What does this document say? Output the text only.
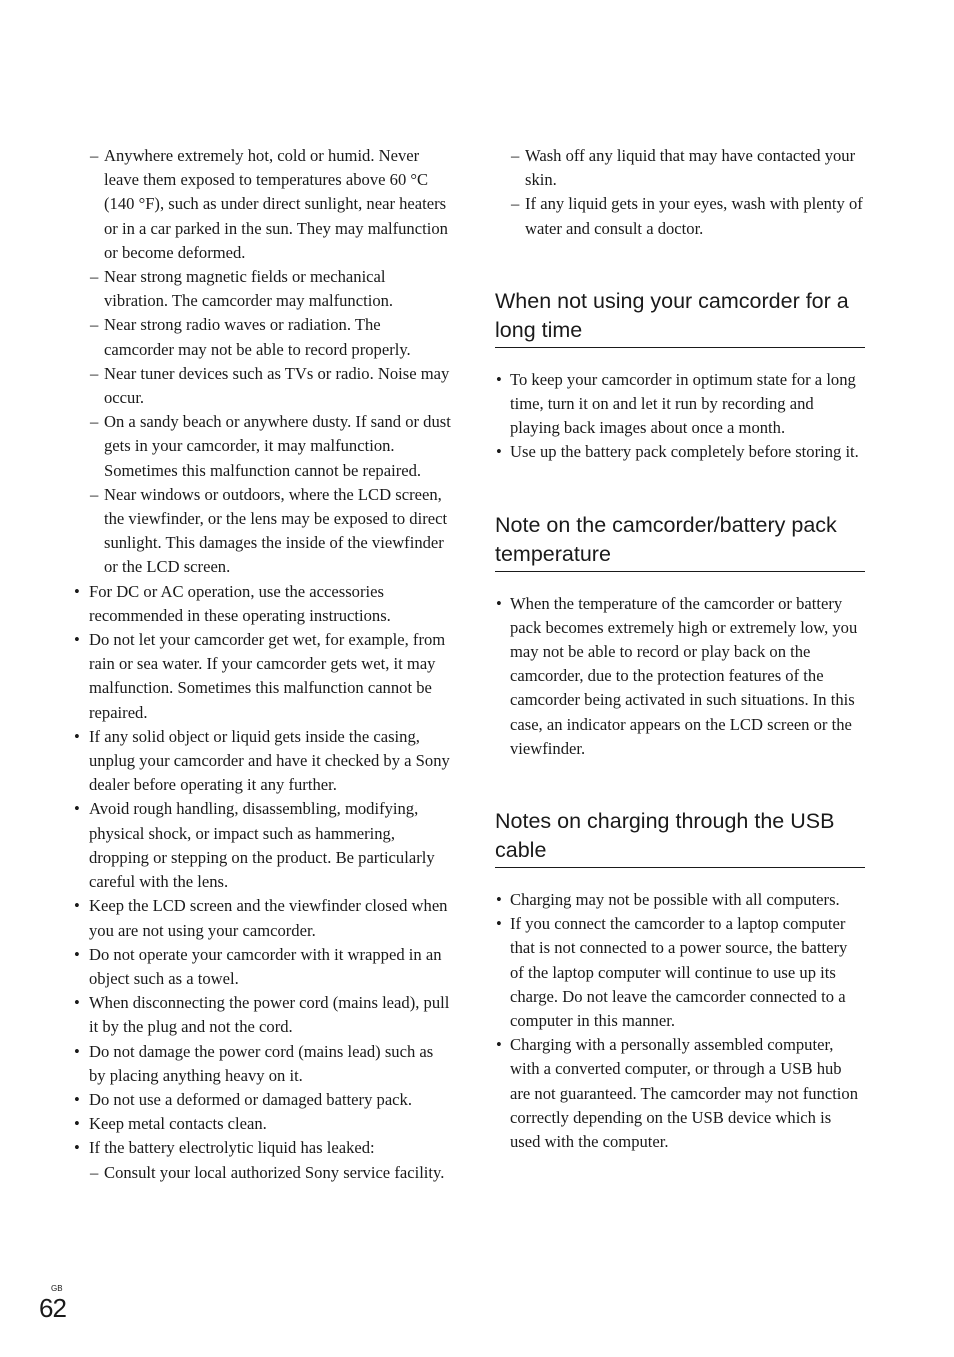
– Anywhere extremely hot, cold or humid. Never leave them exposed to temperatures above 60 °C (140 °F), such as under direct sunlight, near heaters or in a car parked in the sun. They may malfunction or become deformed.
– Near strong magnetic fields or mechanical vibration. The camcorder may malfunction.
– Near strong radio waves or radiation. The camcorder may not be able to record properly.
– Near tuner devices such as TVs or radio. Noise may occur.
– On a sandy beach or anywhere dusty. If sand or dust gets in your camcorder, it may malfunction. Sometimes this malfunction cannot be repaired.
– Near windows or outdoors, where the LCD screen, the viewfinder, or the lens may be exposed to direct sunlight. This damages the inside of the viewfinder or the LCD screen.
• For DC or AC operation, use the accessories recommended in these operating instructions.
• Do not let your camcorder get wet, for example, from rain or sea water. If your camcorder gets wet, it may malfunction. Sometimes this malfunction cannot be repaired.
• If any solid object or liquid gets inside the casing, unplug your camcorder and have it checked by a Sony dealer before operating it any further.
• Avoid rough handling, disassembling, modifying, physical shock, or impact such as hammering, dropping or stepping on the product. Be particularly careful with the lens.
• Keep the LCD screen and the viewfinder closed when you are not using your camcorder.
• Do not operate your camcorder with it wrapped in an object such as a towel.
• When disconnecting the power cord (mains lead), pull it by the plug and not the cord.
• Do not damage the power cord (mains lead) such as by placing anything heavy on it.
• Do not use a deformed or damaged battery pack.
• Keep metal contacts clean.
• If the battery electrolytic liquid has leaked:
– Consult your local authorized Sony service facility.
– Wash off any liquid that may have contacted your skin.
– If any liquid gets in your eyes, wash with plenty of water and consult a doctor.
When not using your camcorder for a long time
• To keep your camcorder in optimum state for a long time, turn it on and let it run by recording and playing back images about once a month.
• Use up the battery pack completely before storing it.
Note on the camcorder/battery pack temperature
• When the temperature of the camcorder or battery pack becomes extremely high or extremely low, you may not be able to record or play back on the camcorder, due to the protection features of the camcorder being activated in such situations. In this case, an indicator appears on the LCD screen or the viewfinder.
Notes on charging through the USB cable
• Charging may not be possible with all computers.
• If you connect the camcorder to a laptop computer that is not connected to a power source, the battery of the laptop computer will continue to use up its charge. Do not leave the camcorder connected to a computer in this manner.
• Charging with a personally assembled computer, with a converted computer, or through a USB hub are not guaranteed. The camcorder may not function correctly depending on the USB device which is used with the computer.
GB
62
